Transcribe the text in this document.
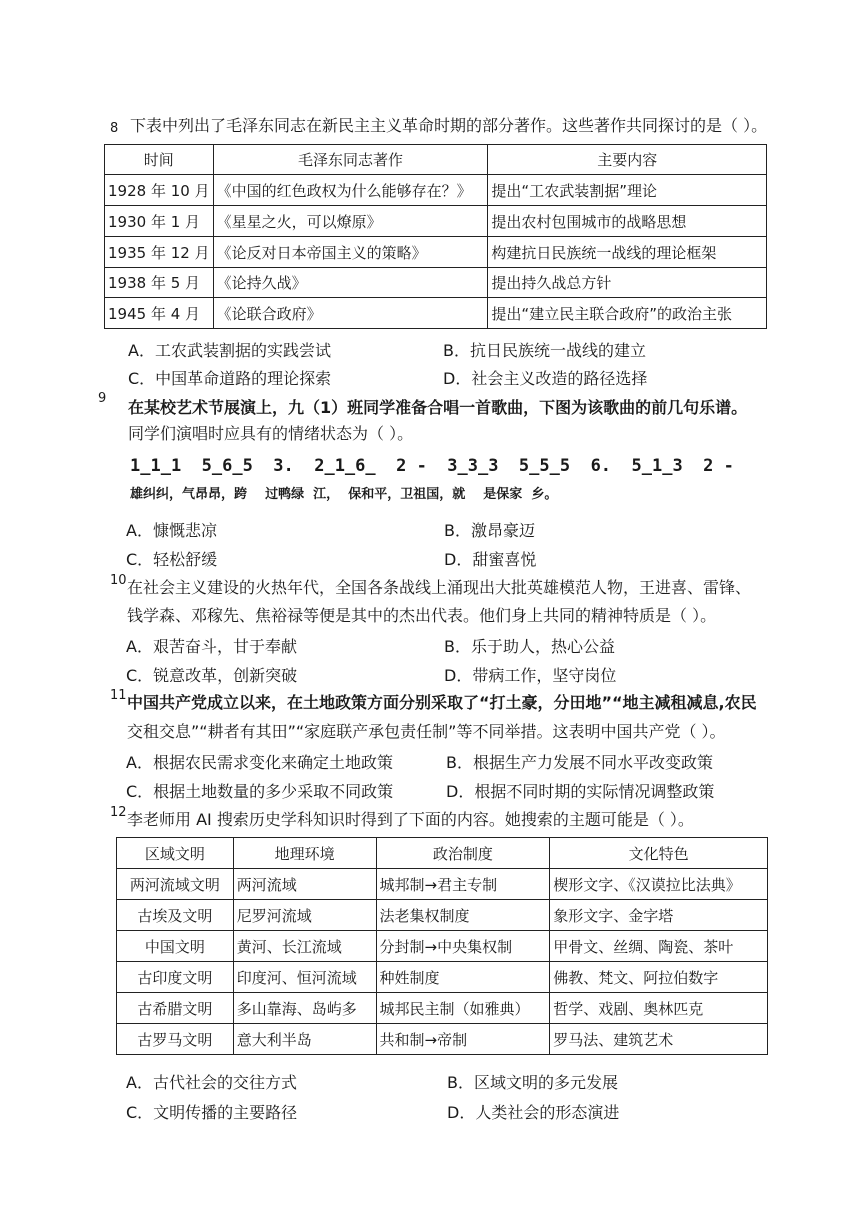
8 下表中列出了毛泽东同志在新民主主义革命时期的部分著作。这些著作共同探讨的是（ ）。
时间	毛泽东同志著作	主要内容
1928 年 10 月	《中国的红色政权为什么能够存在？》	提出“工农武装割据”理论
1930 年 1 月	《星星之火，可以燎原》	提出农村包围城市的战略思想
1935 年 12 月	《论反对日本帝国主义的策略》	构建抗日民族统一战线的理论框架
1938 年 5 月	《论持久战》	提出持久战总方针
1945 年 4 月	《论联合政府》	提出“建立民主联合政府”的政治主张
A．工农武装割据的实践尝试	B．抗日民族统一战线的建立
C．中国革命道路的理论探索	D．社会主义改造的路径选择
9 在某校艺术节展演上，九（1）班同学准备合唱一首歌曲，下图为该歌曲的前几句乐谱。
同学们演唱时应具有的情绪状态为（ ）。
1̲1̲1  5̲6̲5  3.  2̲1̲6̲  2 -  3̲3̲3  5̲5̲5  6.  5̲1̲3  2 -
雄纠纠，气昂昂，跨    过鸭绿  江，  保和平，卫祖国，就    是保家  乡。
A．慷慨悲凉	B．激昂豪迈
C．轻松舒缓	D．甜蜜喜悦
10 在社会主义建设的火热年代，全国各条战线上涌现出大批英雄模范人物，王进喜、雷锋、
钱学森、邓稼先、焦裕禄等便是其中的杰出代表。他们身上共同的精神特质是（ ）。
A．艰苦奋斗，甘于奉献	B．乐于助人，热心公益
C．锐意改革，创新突破	D．带病工作，坚守岗位
11 中国共产党成立以来，在土地政策方面分别采取了“打土豪，分田地”“地主减租减息,农民
交租交息”“耕者有其田”“家庭联产承包责任制”等不同举措。这表明中国共产党（ ）。
A．根据农民需求变化来确定土地政策	B．根据生产力发展不同水平改变政策
C．根据土地数量的多少采取不同政策	D．根据不同时期的实际情况调整政策
12 李老师用 AI 搜索历史学科知识时得到了下面的内容。她搜索的主题可能是（ ）。
区域文明	地理环境	政治制度	文化特色
两河流域文明	两河流域	城邦制→君主专制	楔形文字、《汉谟拉比法典》
古埃及文明	尼罗河流域	法老集权制度	象形文字、金字塔
中国文明	黄河、长江流域	分封制→中央集权制	甲骨文、丝绸、陶瓷、茶叶
古印度文明	印度河、恒河流域	种姓制度	佛教、梵文、阿拉伯数字
古希腊文明	多山靠海、岛屿多	城邦民主制（如雅典）	哲学、戏剧、奥林匹克
古罗马文明	意大利半岛	共和制→帝制	罗马法、建筑艺术
A．古代社会的交往方式	B．区域文明的多元发展
C．文明传播的主要路径	D．人类社会的形态演进
